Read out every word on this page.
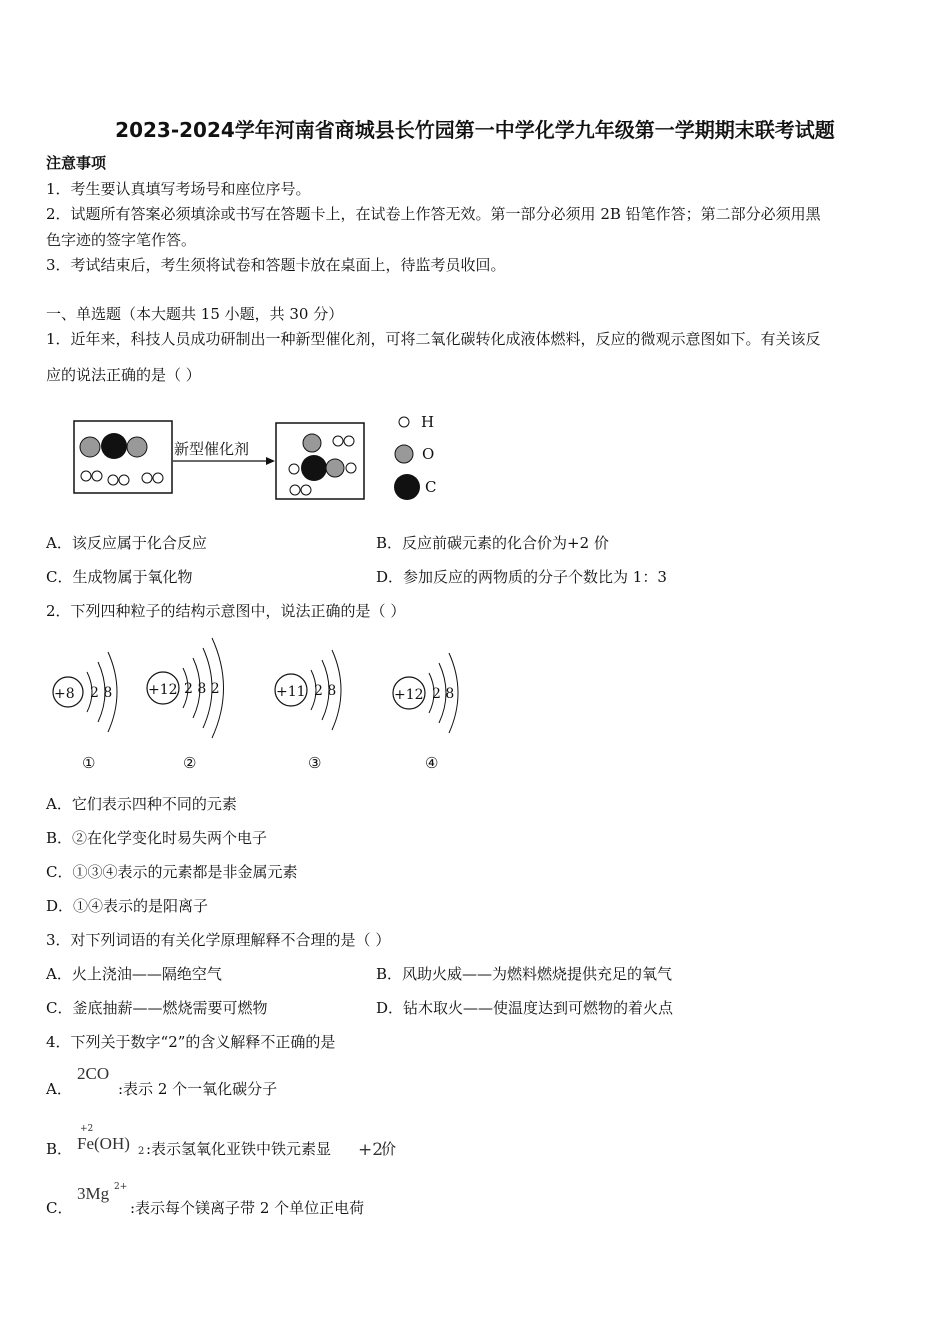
2023-2024学年河南省商城县长竹园第一中学化学九年级第一学期期末联考试题
注意事项
1．考生要认真填写考场号和座位序号。
2．试题所有答案必须填涂或书写在答题卡上，在试卷上作答无效。第一部分必须用 2B 铅笔作答；第二部分必须用黑
色字迹的签字笔作答。
3．考试结束后，考生须将试卷和答题卡放在桌面上，待监考员收回。
一、单选题（本大题共 15 小题，共 30 分）
1．近年来，科技人员成功研制出一种新型催化剂，可将二氧化碳转化成液体燃料，反应的微观示意图如下。有关该反
应的说法正确的是（ ）
新型催化剂
H
O
C
A．该反应属于化合反应	B．反应前碳元素的化合价为+2 价
C．生成物属于氧化物	D．参加反应的两物质的分子个数比为 1：3
2．下列四种粒子的结构示意图中，说法正确的是（ ）
+8 2 8
①
+12 2 8 2
②
+11 2 8
③
+12 2 8
④
A．它们表示四种不同的元素
B．②在化学变化时易失两个电子
C．①③④表示的元素都是非金属元素
D．①④表示的是阳离子
3．对下列词语的有关化学原理解释不合理的是（ ）
A．火上浇油——隔绝空气	B．风助火威——为燃料燃烧提供充足的氧气
C．釜底抽薪——燃烧需要可燃物	D．钻木取火——使温度达到可燃物的着火点
4．下列关于数字“2”的含义解释不正确的是
A．
2CO
:表示 2 个一氧化碳分子
B．
+2
Fe(OH) 2 :表示氢氧化亚铁中铁元素显 +2
价
C．
3Mg 2+
:表示每个镁离子带 2 个单位正电荷
